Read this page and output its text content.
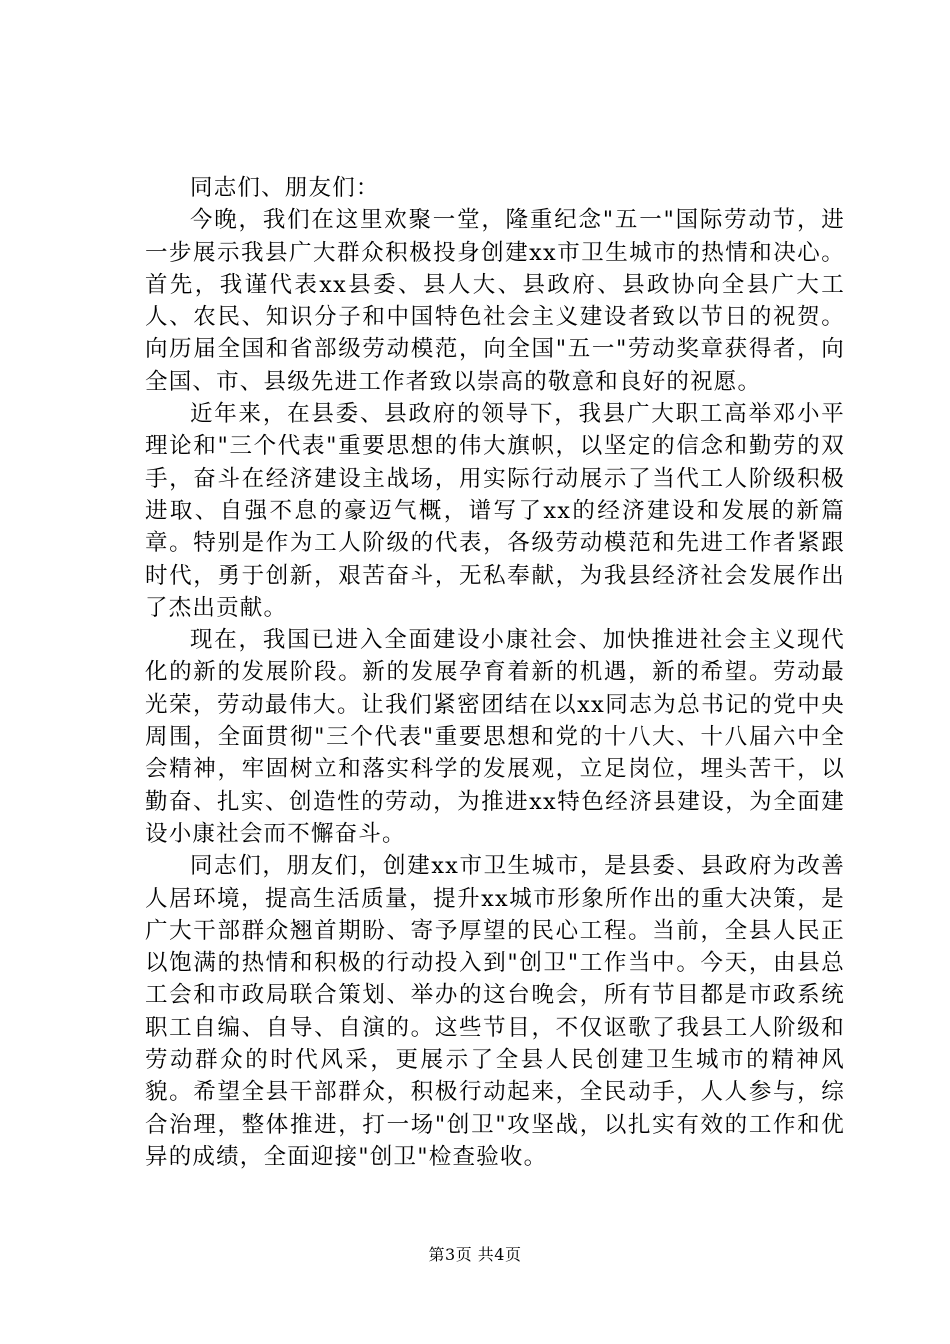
同志们、朋友们：

今晚，我们在这里欢聚一堂，隆重纪念"五一"国际劳动节，进一步展示我县广大群众积极投身创建xx市卫生城市的热情和决心。首先，我谨代表xx县委、县人大、县政府、县政协向全县广大工人、农民、知识分子和中国特色社会主义建设者致以节日的祝贺。向历届全国和省部级劳动模范，向全国"五一"劳动奖章获得者，向全国、市、县级先进工作者致以崇高的敬意和良好的祝愿。

近年来，在县委、县政府的领导下，我县广大职工高举邓小平理论和"三个代表"重要思想的伟大旗帜，以坚定的信念和勤劳的双手，奋斗在经济建设主战场，用实际行动展示了当代工人阶级积极进取、自强不息的豪迈气概，谱写了xx的经济建设和发展的新篇章。特别是作为工人阶级的代表，各级劳动模范和先进工作者紧跟时代，勇于创新，艰苦奋斗，无私奉献，为我县经济社会发展作出了杰出贡献。

现在，我国已进入全面建设小康社会、加快推进社会主义现代化的新的发展阶段。新的发展孕育着新的机遇，新的希望。劳动最光荣，劳动最伟大。让我们紧密团结在以xx同志为总书记的党中央周围，全面贯彻"三个代表"重要思想和党的十八大、十八届六中全会精神，牢固树立和落实科学的发展观，立足岗位，埋头苦干，以勤奋、扎实、创造性的劳动，为推进xx特色经济县建设，为全面建设小康社会而不懈奋斗。

同志们，朋友们，创建xx市卫生城市，是县委、县政府为改善人居环境，提高生活质量，提升xx城市形象所作出的重大决策，是广大干部群众翘首期盼、寄予厚望的民心工程。当前，全县人民正以饱满的热情和积极的行动投入到"创卫"工作当中。今天，由县总工会和市政局联合策划、举办的这台晚会，所有节目都是市政系统职工自编、自导、自演的。这些节目，不仅讴歌了我县工人阶级和劳动群众的时代风采，更展示了全县人民创建卫生城市的精神风貌。希望全县干部群众，积极行动起来，全民动手，人人参与，综合治理，整体推进，打一场"创卫"攻坚战，以扎实有效的工作和优异的成绩，全面迎接"创卫"检查验收。

第3页 共4页
